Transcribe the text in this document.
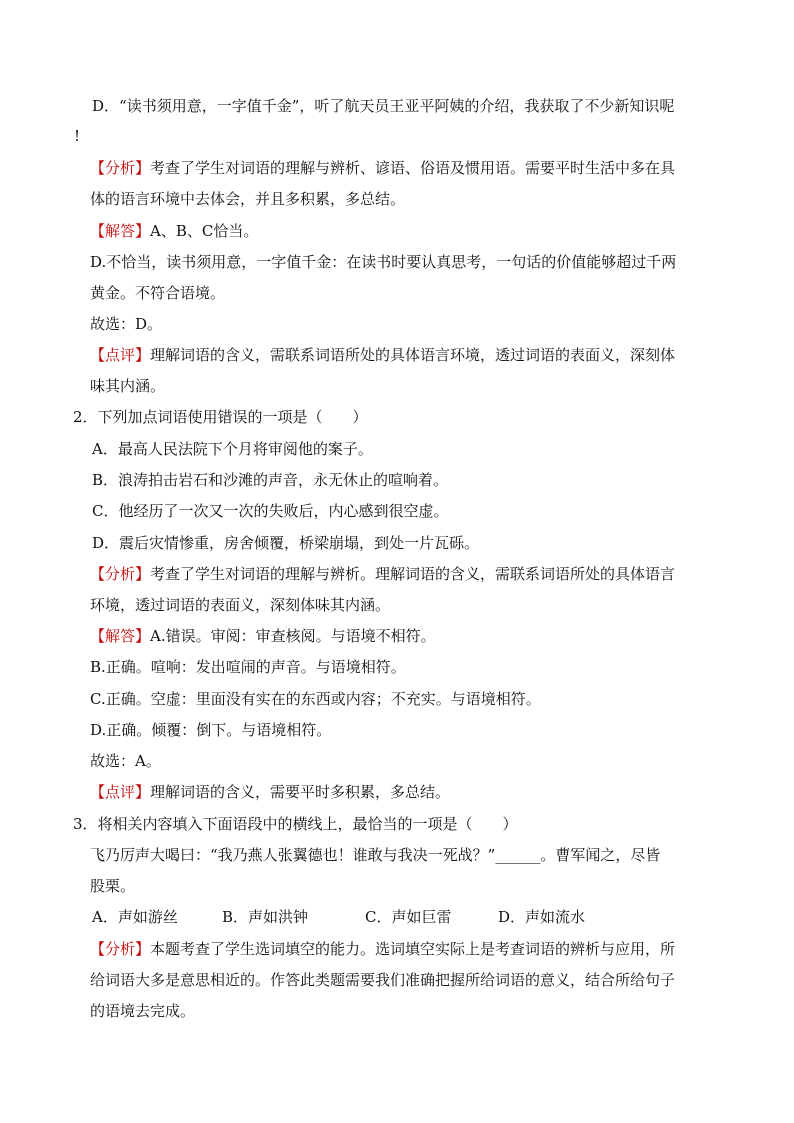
D．“读书须用意，一字值千金”，听了航天员王亚平阿姨的介绍，我获取了不少新知识呢
!
【分析】考查了学生对词语的理解与辨析、谚语、俗语及惯用语。需要平时生活中多在具
体的语言环境中去体会，并且多积累，多总结。
【解答】A、B、C恰当。
D.不恰当，读书须用意，一字值千金：在读书时要认真思考，一句话的价值能够超过千两
黄金。不符合语境。
故选：D。
【点评】理解词语的含义，需联系词语所处的具体语言环境，透过词语的表面义，深刻体
味其内涵。
2．下列加点词语使用错误的一项是（　　）
A．最高人民法院下个月将审阅他的案子。
B．浪涛拍击岩石和沙滩的声音，永无休止的喧响着。
C．他经历了一次又一次的失败后，内心感到很空虚。
D．震后灾情惨重，房舍倾覆，桥梁崩塌，到处一片瓦砾。
【分析】考查了学生对词语的理解与辨析。理解词语的含义，需联系词语所处的具体语言
环境，透过词语的表面义，深刻体味其内涵。
【解答】A.错误。审阅：审查核阅。与语境不相符。
B.正确。喧响：发出喧闹的声音。与语境相符。
C.正确。空虚：里面没有实在的东西或内容；不充实。与语境相符。
D.正确。倾覆：倒下。与语境相符。
故选：A。
【点评】理解词语的含义，需要平时多积累，多总结。
3．将相关内容填入下面语段中的横线上，最恰当的一项是（　　）
飞乃厉声大喝曰：“我乃燕人张翼德也！谁敢与我决一死战？”______。曹军闻之，尽皆
股栗。
A．声如游丝	B．声如洪钟	C．声如巨雷	D．声如流水
【分析】本题考查了学生选词填空的能力。选词填空实际上是考查词语的辨析与应用，所
给词语大多是意思相近的。作答此类题需要我们准确把握所给词语的意义，结合所给句子
的语境去完成。
